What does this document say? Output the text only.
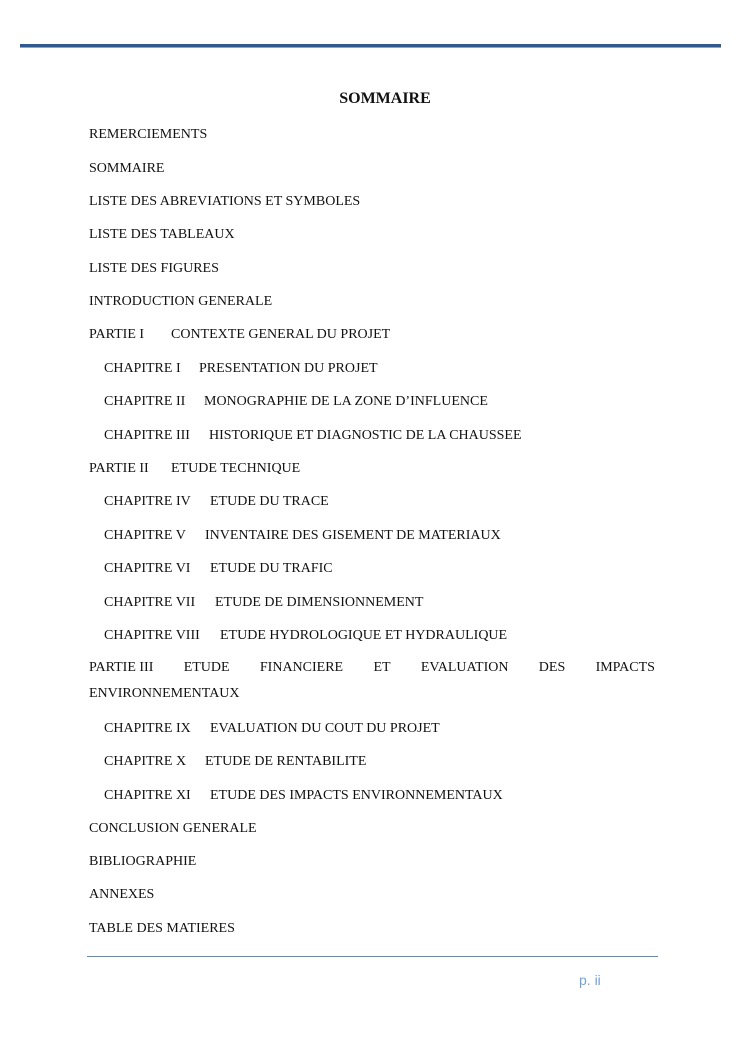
SOMMAIRE
REMERCIEMENTS
SOMMAIRE
LISTE DES ABREVIATIONS ET SYMBOLES
LISTE DES TABLEAUX
LISTE DES FIGURES
INTRODUCTION GENERALE
PARTIE I CONTEXTE GENERAL DU PROJET
CHAPITRE I PRESENTATION DU PROJET
CHAPITRE II MONOGRAPHIE DE LA ZONE D’INFLUENCE
CHAPITRE III HISTORIQUE ET DIAGNOSTIC DE LA CHAUSSEE
PARTIE II ETUDE TECHNIQUE
CHAPITRE IV ETUDE DU TRACE
CHAPITRE V INVENTAIRE DES GISEMENT DE MATERIAUX
CHAPITRE VI ETUDE DU TRAFIC
CHAPITRE VII ETUDE DE DIMENSIONNEMENT
CHAPITRE VIII ETUDE HYDROLOGIQUE ET HYDRAULIQUE
PARTIE III ETUDE FINANCIERE ET EVALUATION DES IMPACTS
ENVIRONNEMENTAUX
CHAPITRE IX EVALUATION DU COUT DU PROJET
CHAPITRE X ETUDE DE RENTABILITE
CHAPITRE XI ETUDE DES IMPACTS ENVIRONNEMENTAUX
CONCLUSION GENERALE
BIBLIOGRAPHIE
ANNEXES
TABLE DES MATIERES
p. ii
